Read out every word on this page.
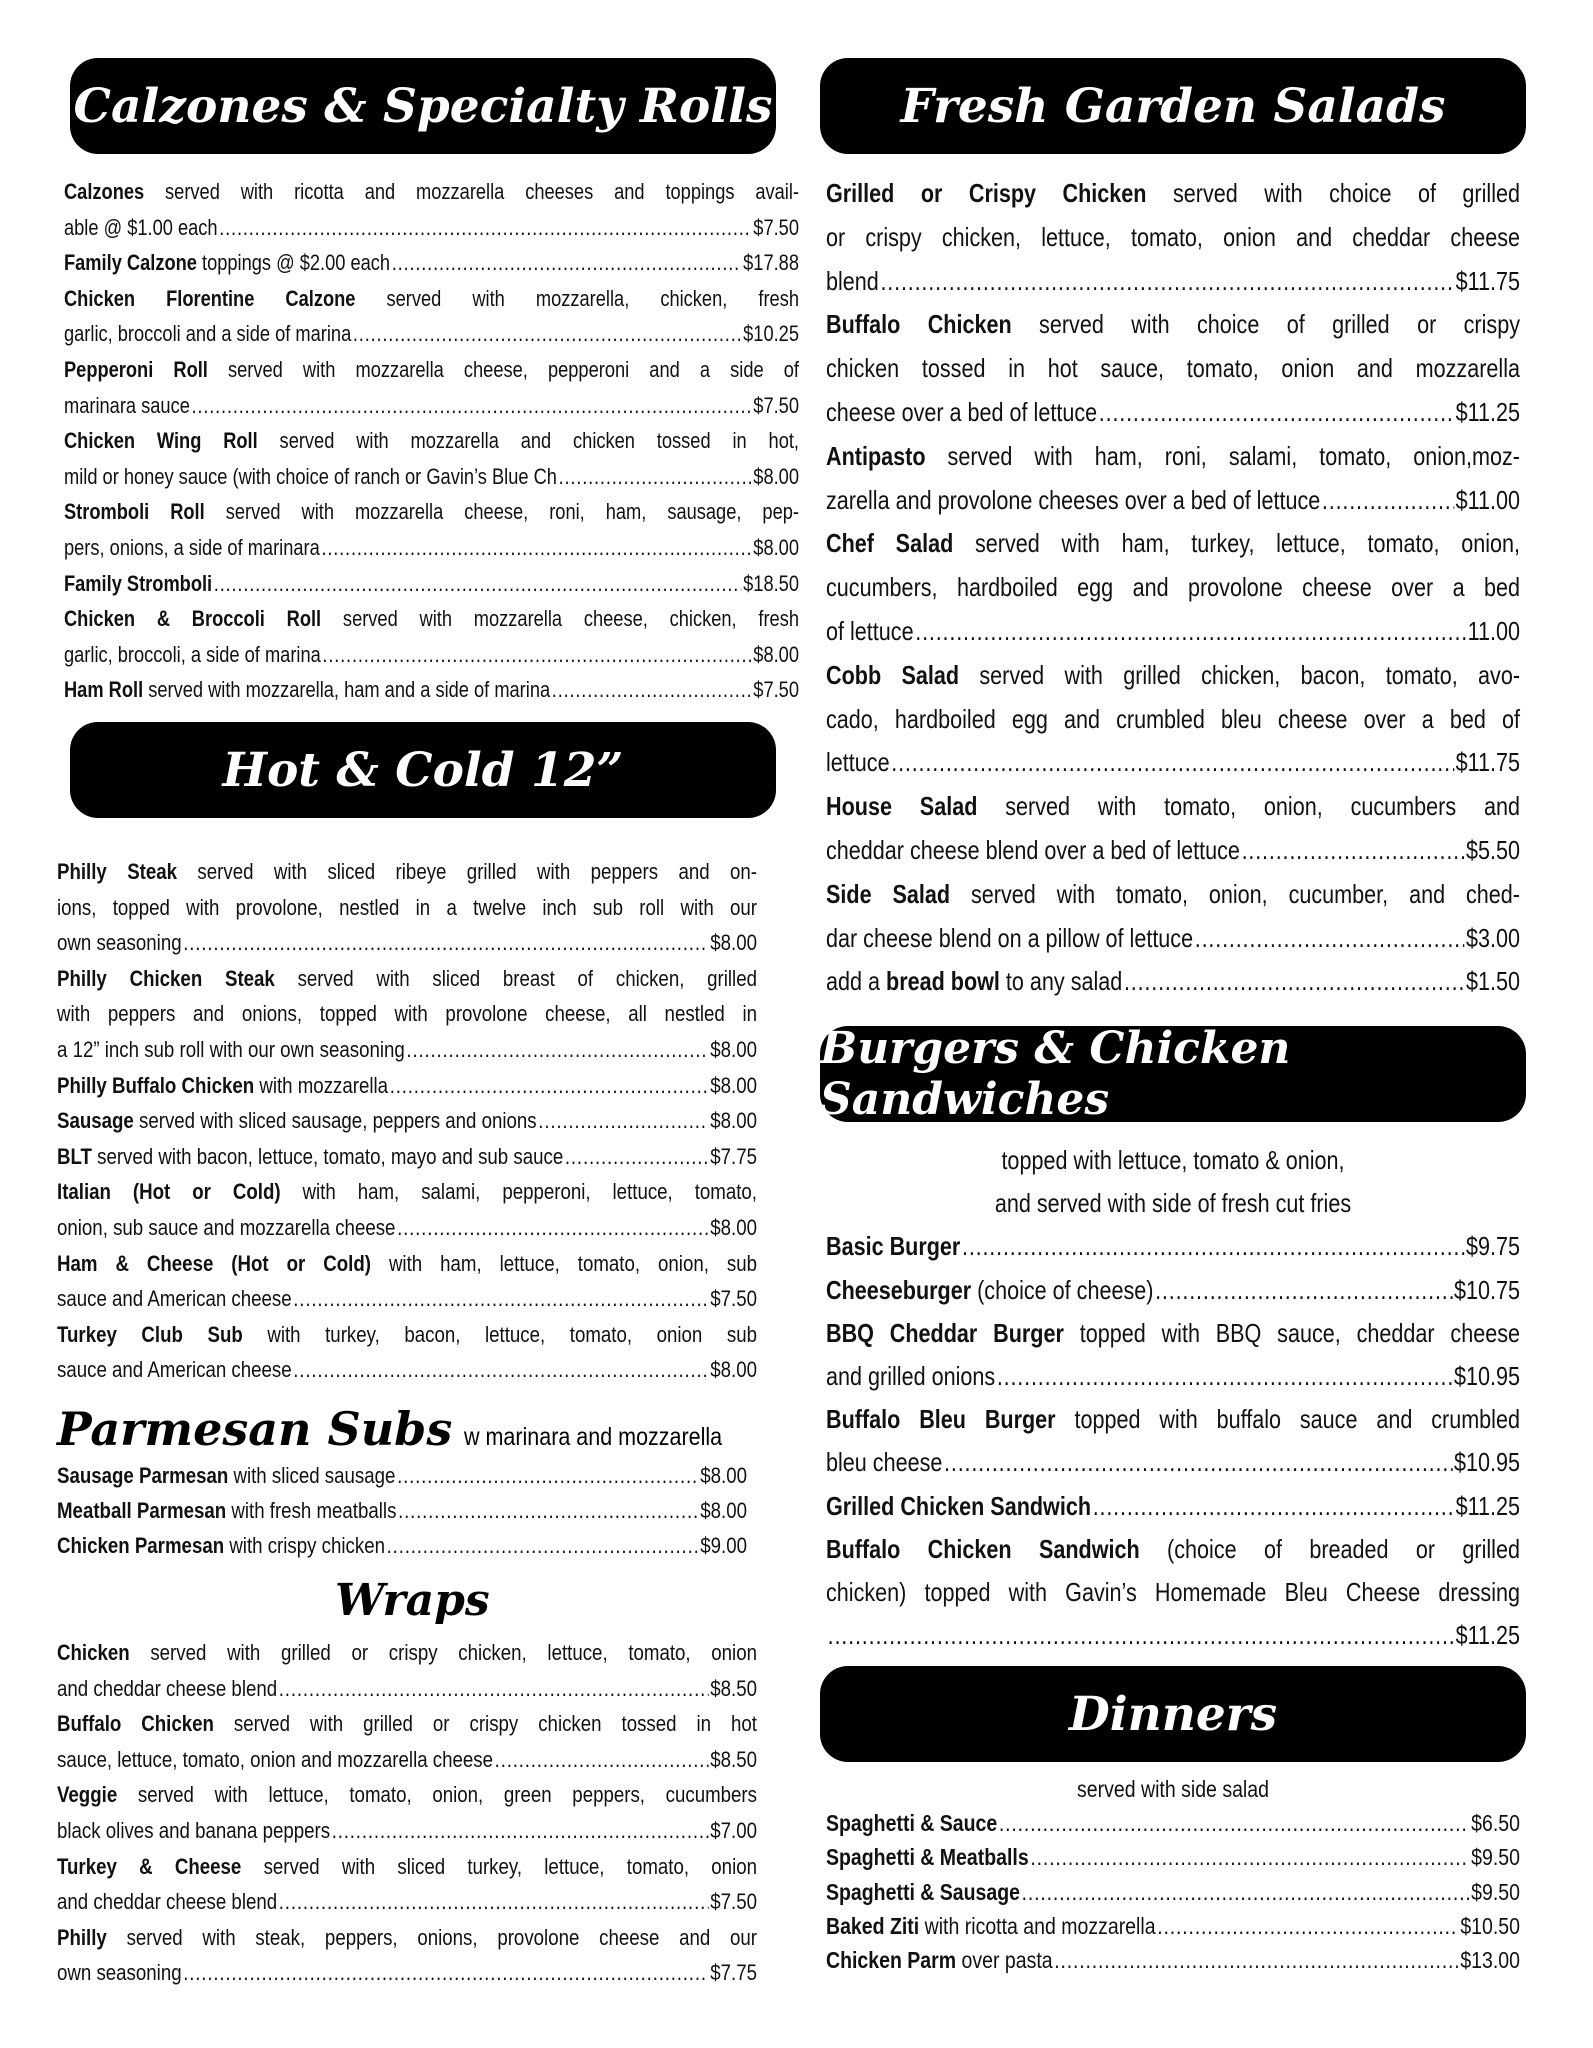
Calzones & Specialty Rolls
Calzones served with ricotta and mozzarella cheeses and toppings avail-
able @ $1.00 each .....	$7.50
Family Calzone toppings @ $2.00 each .....	$17.88
Chicken Florentine Calzone served with mozzarella, chicken, fresh
garlic, broccoli and a side of marina .....	$10.25
Pepperoni Roll served with mozzarella cheese, pepperoni and a side of
marinara sauce .....	$7.50
Chicken Wing Roll served with mozzarella and chicken tossed in hot,
mild or honey sauce (with choice of ranch or Gavin’s Blue Ch .....	$8.00
Stromboli Roll served with mozzarella cheese, roni, ham, sausage, pep-
pers, onions, a side of marinara .....	$8.00
Family Stromboli .....	$18.50
Chicken & Broccoli Roll served with mozzarella cheese, chicken, fresh
garlic, broccoli, a side of marina .....	$8.00
Ham Roll served with mozzarella, ham and a side of marina .....	$7.50
Hot & Cold 12”
Philly Steak served with sliced ribeye grilled with peppers and on-
ions, topped with provolone, nestled in a twelve inch sub roll with our
own seasoning .....	$8.00
Philly Chicken Steak served with sliced breast of chicken, grilled
with peppers and onions, topped with provolone cheese, all nestled in
a 12” inch sub roll with our own seasoning .....	$8.00
Philly Buffalo Chicken with mozzarella .....	$8.00
Sausage served with sliced sausage, peppers and onions .....	$8.00
BLT served with bacon, lettuce, tomato, mayo and sub sauce .....	$7.75
Italian (Hot or Cold) with ham, salami, pepperoni, lettuce, tomato,
onion, sub sauce and mozzarella cheese .....	$8.00
Ham & Cheese (Hot or Cold) with ham, lettuce, tomato, onion, sub
sauce and American cheese .....	$7.50
Turkey Club Sub with turkey, bacon, lettuce, tomato, onion sub
sauce and American cheese .....	$8.00
Parmesan Subs w marinara and mozzarella
Sausage Parmesan with sliced sausage .....	$8.00
Meatball Parmesan with fresh meatballs .....	$8.00
Chicken Parmesan with crispy chicken .....	$9.00
Wraps
Chicken served with grilled or crispy chicken, lettuce, tomato, onion
and cheddar cheese blend .....	$8.50
Buffalo Chicken served with grilled or crispy chicken tossed in hot
sauce, lettuce, tomato, onion and mozzarella cheese .....	$8.50
Veggie served with lettuce, tomato, onion, green peppers, cucumbers
black olives and banana peppers .....	$7.00
Turkey & Cheese served with sliced turkey, lettuce, tomato, onion
and cheddar cheese blend .....	$7.50
Philly served with steak, peppers, onions, provolone cheese and our
own seasoning .....	$7.75
Fresh Garden Salads
Grilled or Crispy Chicken served with choice of grilled
or crispy chicken, lettuce, tomato, onion and cheddar cheese
blend .....	$11.75
Buffalo Chicken served with choice of grilled or crispy
chicken tossed in hot sauce, tomato, onion and mozzarella
cheese over a bed of lettuce .....	$11.25
Antipasto served with ham, roni, salami, tomato, onion,moz-
zarella and provolone cheeses over a bed of lettuce .....	$11.00
Chef Salad served with ham, turkey, lettuce, tomato, onion,
cucumbers, hardboiled egg and provolone cheese over a bed
of lettuce .....	11.00
Cobb Salad served with grilled chicken, bacon, tomato, avo-
cado, hardboiled egg and crumbled bleu cheese over a bed of
lettuce .....	$11.75
House Salad served with tomato, onion, cucumbers and
cheddar cheese blend over a bed of lettuce .....	$5.50
Side Salad served with tomato, onion, cucumber, and ched-
dar cheese blend on a pillow of lettuce .....	$3.00
add a bread bowl to any salad .....	$1.50
Burgers & Chicken Sandwiches
topped with lettuce, tomato & onion,
and served with side of fresh cut fries
Basic Burger .....	$9.75
Cheeseburger (choice of cheese) .....	$10.75
BBQ Cheddar Burger topped with BBQ sauce, cheddar cheese
and grilled onions .....	$10.95
Buffalo Bleu Burger topped with buffalo sauce and crumbled
bleu cheese .....	$10.95
Grilled Chicken Sandwich .....	$11.25
Buffalo Chicken Sandwich (choice of breaded or grilled
chicken) topped with Gavin’s Homemade Bleu Cheese dressing
.....
$11.25
Dinners
served with side salad
Spaghetti & Sauce .....	$6.50
Spaghetti & Meatballs .....	$9.50
Spaghetti & Sausage .....	$9.50
Baked Ziti with ricotta and mozzarella .....	$10.50
Chicken Parm over pasta .....	$13.00
